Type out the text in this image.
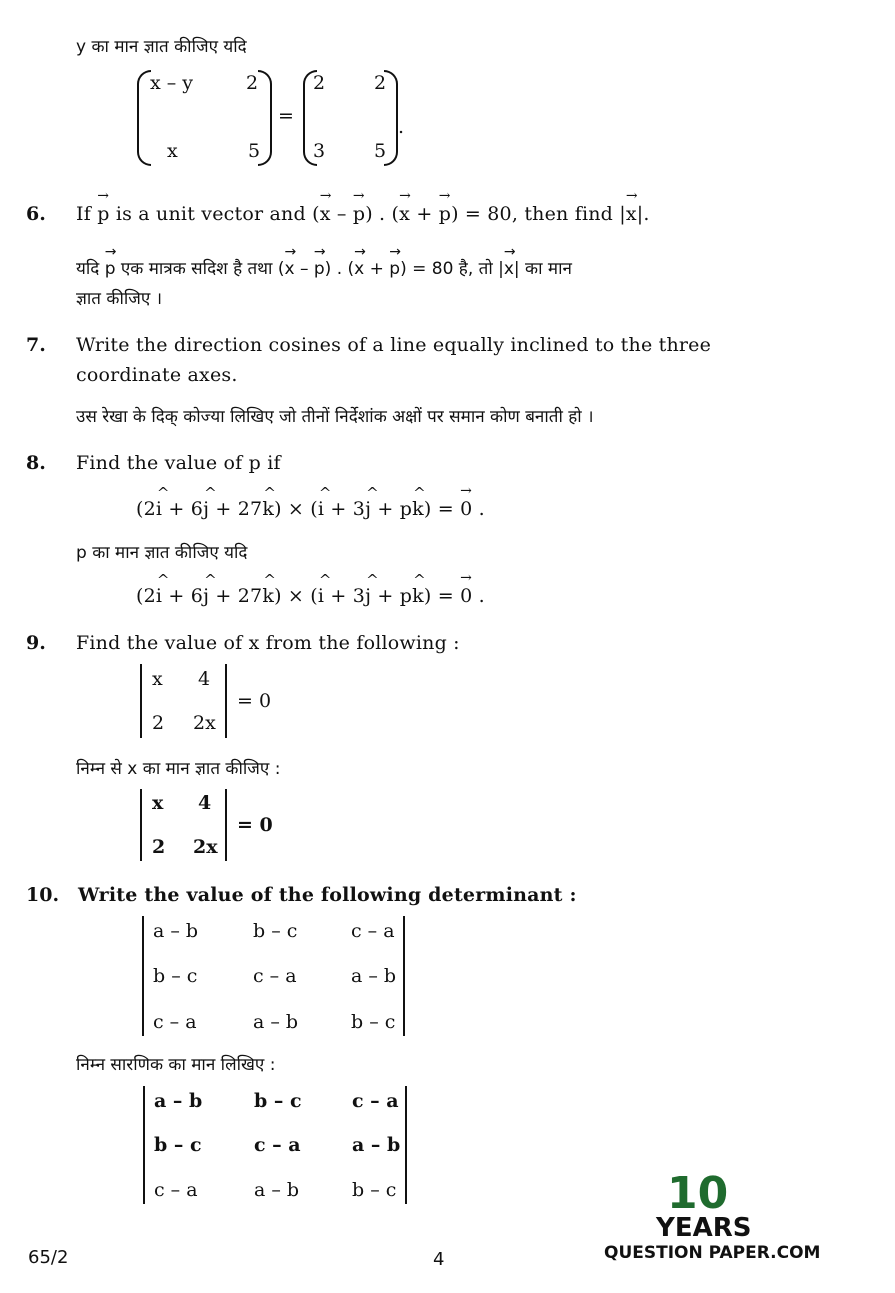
y का मान ज्ञात कीजिए यदि
x – y	2
x	5
=
2	2
3	5
.
6. If → p is a unit vector and (→ x – → p) . (→ x + → p) = 80, then find |→ x|.
यदि → p एक मात्रक सदिश है तथा (→ x – → p) . (→ x + → p) = 80 है, तो |→ x| का मान
ज्ञात कीजिए ।
7. Write the direction cosines of a line equally inclined to the three
coordinate axes.
उस रेखा के दिक् कोज्या लिखिए जो तीनों निर्देशांक अक्षों पर समान कोण बनाती हो ।
8. Find the value of p if
(2^ i + 6^ j + 27^ k) × (^ i + 3^ j + p^ k) = → 0 .
p का मान ज्ञात कीजिए यदि
(2^ i + 6^ j + 27^ k) × (^ i + 3^ j + p^ k) = → 0 .
9. Find the value of x from the following :
x 4
2 2x
= 0
निम्न से x का मान ज्ञात कीजिए :
x 4
2 2x
= 0
10. Write the value of the following determinant :
a – b	b – c	c – a
b – c	c – a	a – b
c – a	a – b	b – c
निम्न सारणिक का मान लिखिए :
a – b	b – c	c – a
b – c	c – a	a – b
c – a	a – b	b – c
65/2	4
10
YEARS
QUESTION PAPER.COM
